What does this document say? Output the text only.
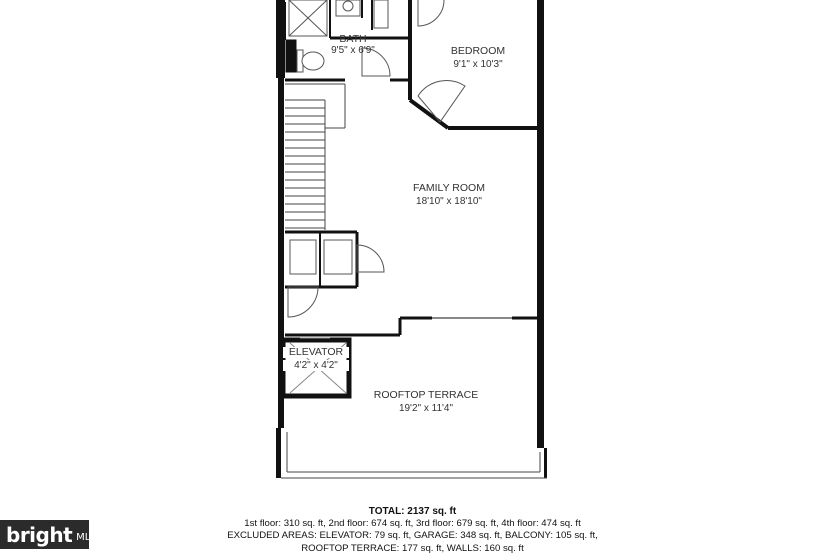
BATH
9'5" x 6'9"	BEDROOM
9'1" x 10'3"
FAMILY ROOM
18'10" x 18'10"
ELEVATOR
4'2" x 4'2"
ROOFTOP TERRACE
19'2" x 11'4"
TOTAL: 2137 sq. ft
1st floor: 310 sq. ft, 2nd floor: 674 sq. ft, 3rd floor: 679 sq. ft, 4th floor: 474 sq. ft
EXCLUDED AREAS: ELEVATOR: 79 sq. ft, GARAGE: 348 sq. ft, BALCONY: 105 sq. ft,
ROOFTOP TERRACE: 177 sq. ft, WALLS: 160 sq. ft
bright MLS
